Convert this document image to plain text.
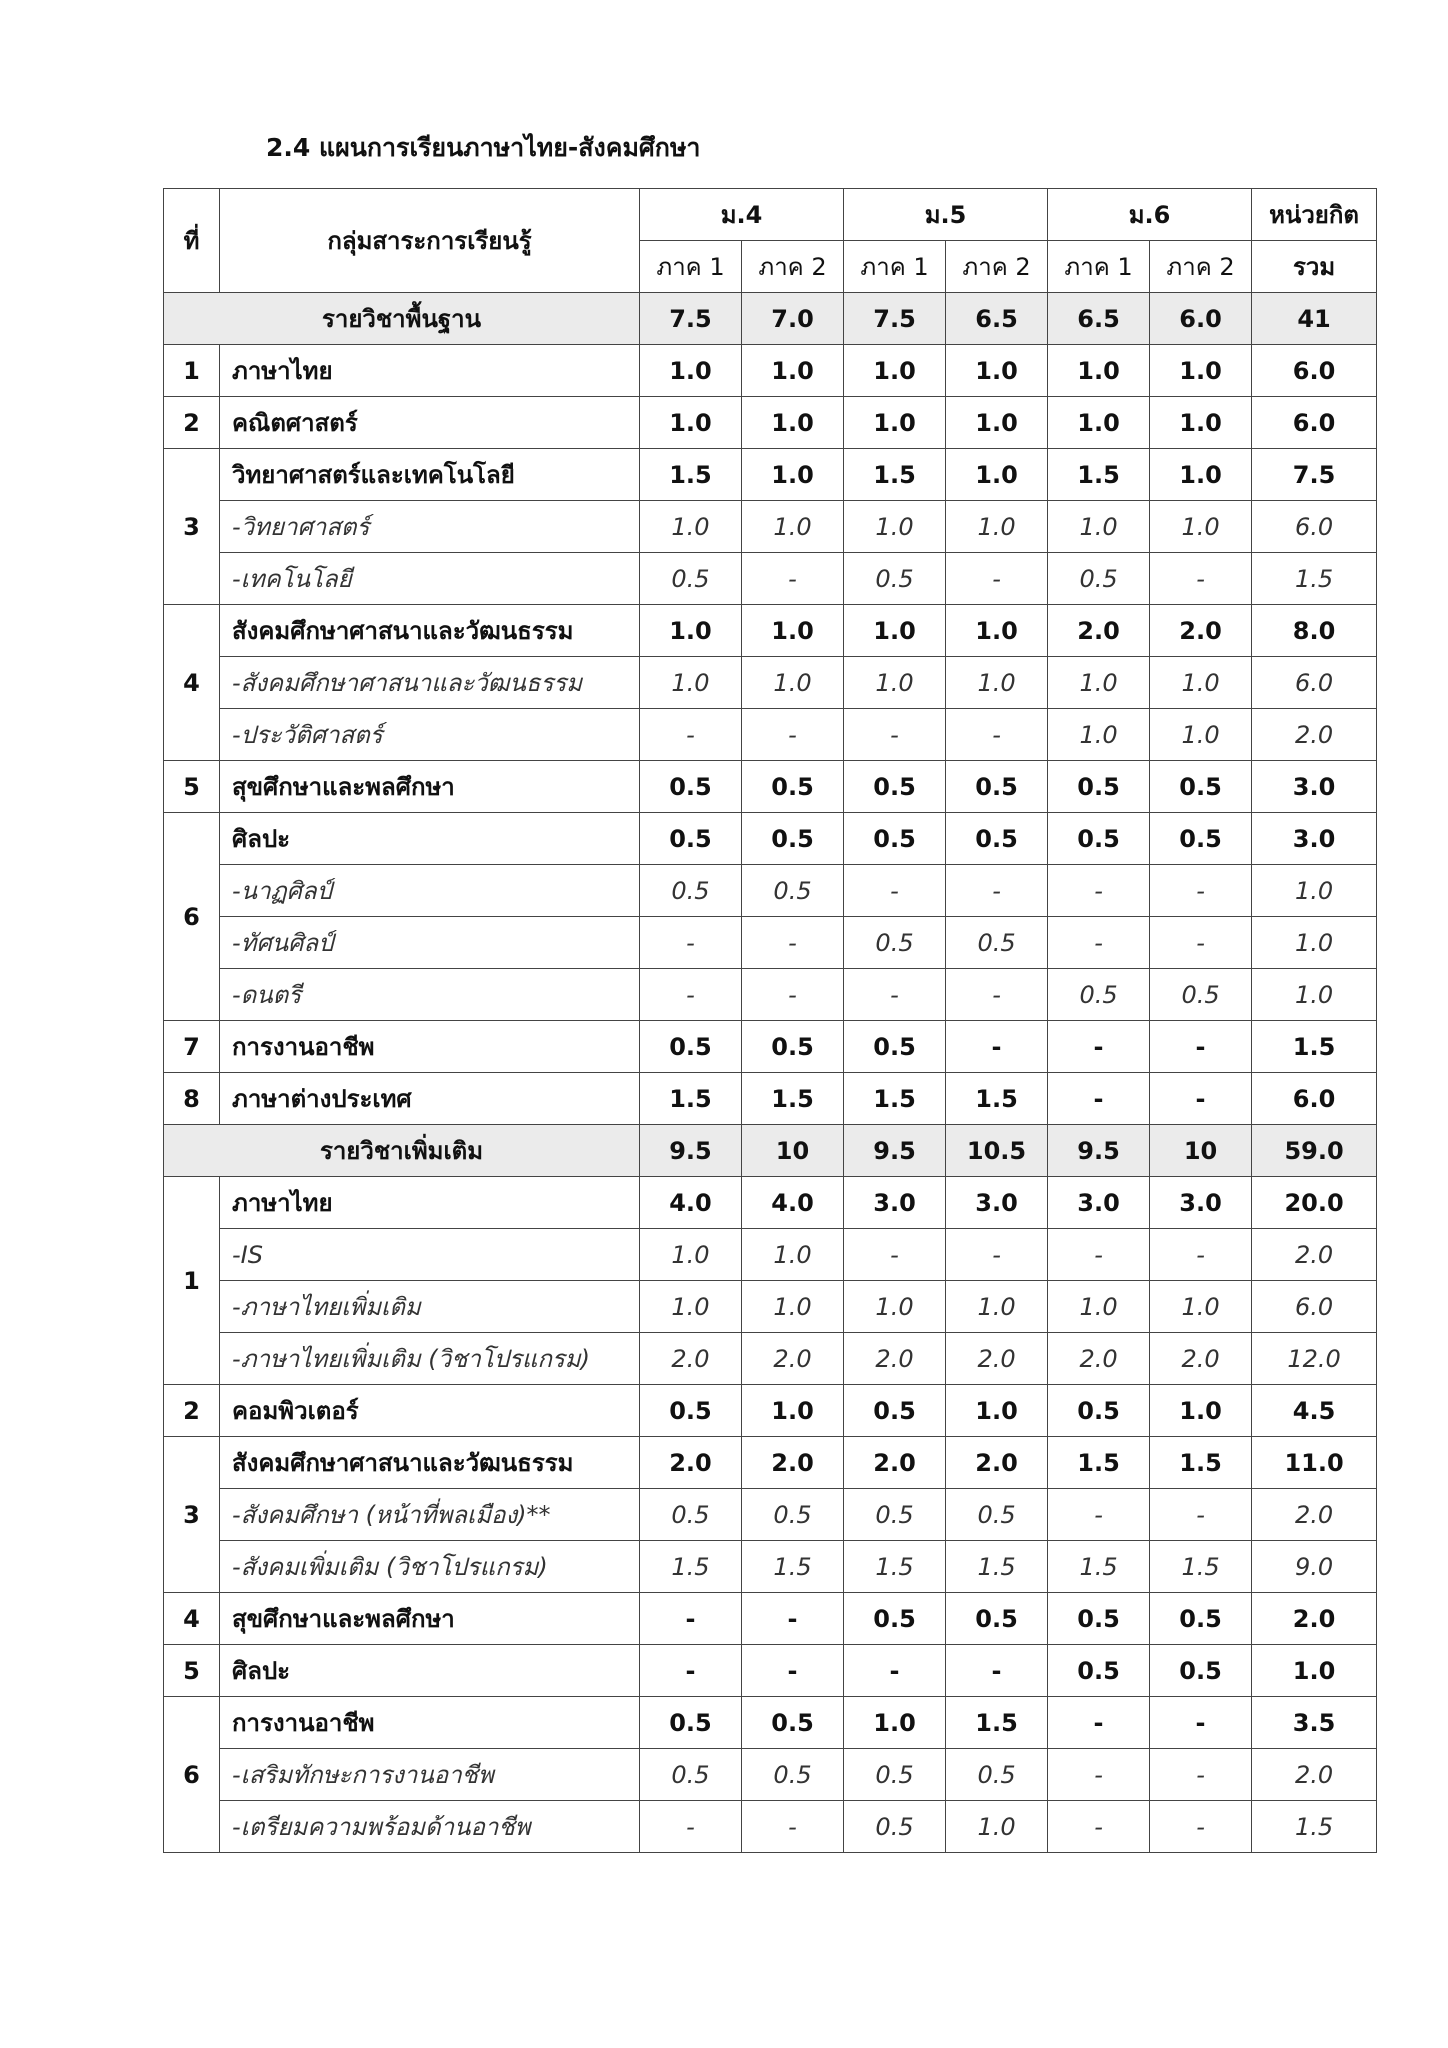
2.4 แผนการเรียนภาษาไทย-สังคมศึกษา
ที่	กลุ่มสาระการเรียนรู้	ม.4		ม.5		ม.6		หน่วยกิต
		ภาค 1	ภาค 2	ภาค 1	ภาค 2	ภาค 1	ภาค 2	รวม
รายวิชาพื้นฐาน		7.5	7.0	7.5	6.5	6.5	6.0	41
1	ภาษาไทย	1.0	1.0	1.0	1.0	1.0	1.0	6.0
2	คณิตศาสตร์	1.0	1.0	1.0	1.0	1.0	1.0	6.0
3	วิทยาศาสตร์และเทคโนโลยี	1.5	1.0	1.5	1.0	1.5	1.0	7.5
	-วิทยาศาสตร์	1.0	1.0	1.0	1.0	1.0	1.0	6.0
	-เทคโนโลยี	0.5	-	0.5	-	0.5	-	1.5
4	สังคมศึกษาศาสนาและวัฒนธรรม	1.0	1.0	1.0	1.0	2.0	2.0	8.0
	-สังคมศึกษาศาสนาและวัฒนธรรม	1.0	1.0	1.0	1.0	1.0	1.0	6.0
	-ประวัติศาสตร์	-	-	-	-	1.0	1.0	2.0
5	สุขศึกษาและพลศึกษา	0.5	0.5	0.5	0.5	0.5	0.5	3.0
6	ศิลปะ	0.5	0.5	0.5	0.5	0.5	0.5	3.0
	-นาฏศิลป์	0.5	0.5	-	-	-	-	1.0
	-ทัศนศิลป์	-	-	0.5	0.5	-	-	1.0
	-ดนตรี	-	-	-	-	0.5	0.5	1.0
7	การงานอาชีพ	0.5	0.5	0.5	-	-	-	1.5
8	ภาษาต่างประเทศ	1.5	1.5	1.5	1.5	-	-	6.0
รายวิชาเพิ่มเติม		9.5	10	9.5	10.5	9.5	10	59.0
1	ภาษาไทย	4.0	4.0	3.0	3.0	3.0	3.0	20.0
	-IS	1.0	1.0	-	-	-	-	2.0
	-ภาษาไทยเพิ่มเติม	1.0	1.0	1.0	1.0	1.0	1.0	6.0
	-ภาษาไทยเพิ่มเติม (วิชาโปรแกรม)	2.0	2.0	2.0	2.0	2.0	2.0	12.0
2	คอมพิวเตอร์	0.5	1.0	0.5	1.0	0.5	1.0	4.5
3	สังคมศึกษาศาสนาและวัฒนธรรม	2.0	2.0	2.0	2.0	1.5	1.5	11.0
	-สังคมศึกษา (หน้าที่พลเมือง)**	0.5	0.5	0.5	0.5	-	-	2.0
	-สังคมเพิ่มเติม (วิชาโปรแกรม)	1.5	1.5	1.5	1.5	1.5	1.5	9.0
4	สุขศึกษาและพลศึกษา	-	-	0.5	0.5	0.5	0.5	2.0
5	ศิลปะ	-	-	-	-	0.5	0.5	1.0
6	การงานอาชีพ	0.5	0.5	1.0	1.5	-	-	3.5
	-เสริมทักษะการงานอาชีพ	0.5	0.5	0.5	0.5	-	-	2.0
	-เตรียมความพร้อมด้านอาชีพ	-	-	0.5	1.0	-	-	1.5
